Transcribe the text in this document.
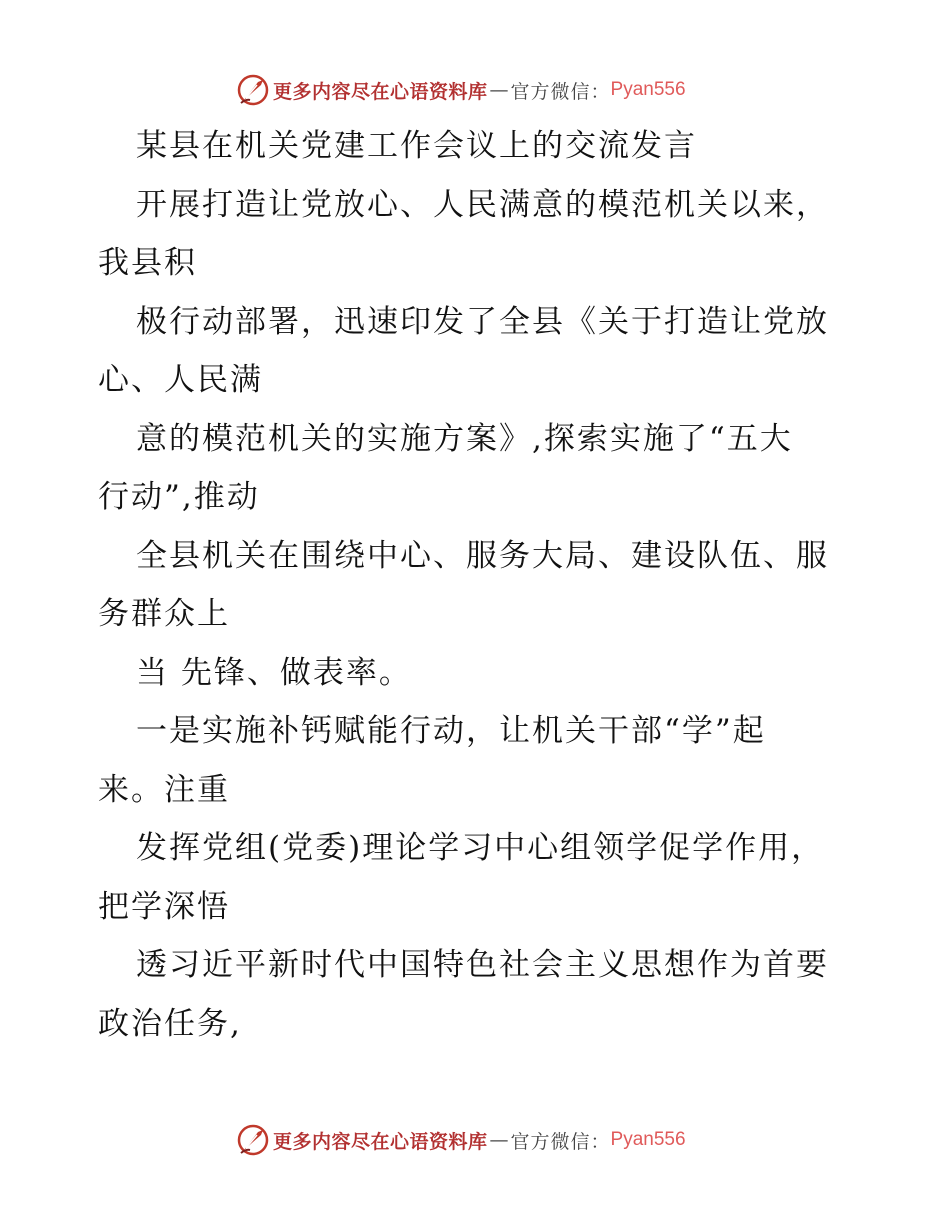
更多内容尽在心语资料库 — 官方微信： Pyan556
某县在机关党建工作会议上的交流发言
开展打造让党放心、人民满意的模范机关以来，
我县积
极行动部署，迅速印发了全县《关于打造让党放
心、人民满
意的模范机关的实施方案》,探索实施了“五大
行动”,推动
全县机关在围绕中心、服务大局、建设队伍、服
务群众上
当 先锋、做表率。
一是实施补钙赋能行动，让机关干部“学”起
来。注重
发挥党组(党委)理论学习中心组领学促学作用，
把学深悟
透习近平新时代中国特色社会主义思想作为首要
政治任务,
更多内容尽在心语资料库 — 官方微信： Pyan556
